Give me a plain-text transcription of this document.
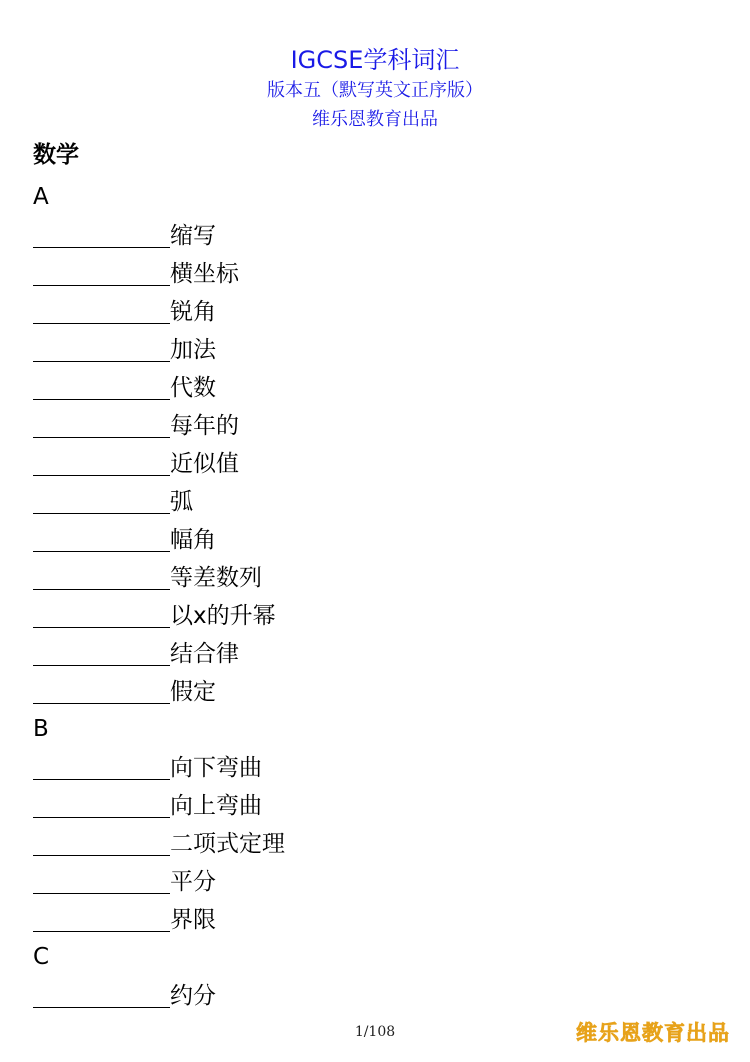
IGCSE学科词汇
版本五（默写英文正序版）
维乐恩教育出品
数学
A
缩写
横坐标
锐角
加法
代数
每年的
近似值
弧
幅角
等差数列
以x的升幂
结合律
假定
B
向下弯曲
向上弯曲
二项式定理
平分
界限
C
约分
1/108	维乐恩教育出品
